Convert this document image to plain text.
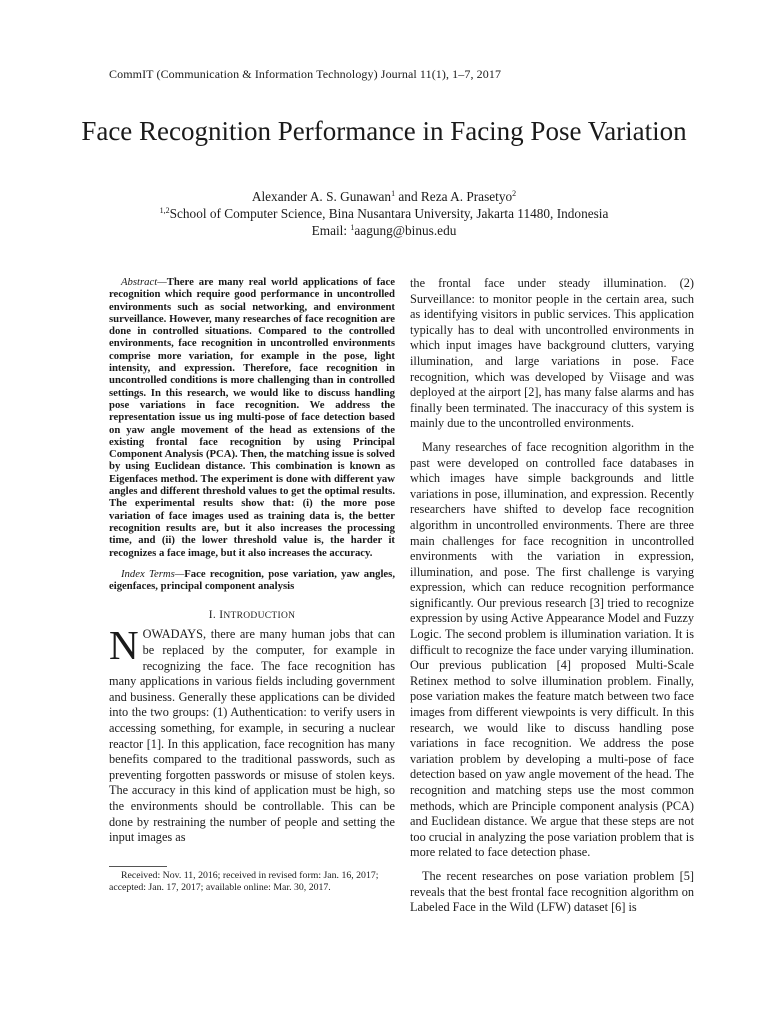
CommIT (Communication & Information Technology) Journal 11(1), 1–7, 2017
Face Recognition Performance in Facing Pose Variation
Alexander A. S. Gunawan$^1$ and Reza A. Prasetyo$^2$
$^{1,2}$School of Computer Science, Bina Nusantara University, Jakarta 11480, Indonesia
Email: $^1$aagung@binus.edu

Abstract—There are many real world applications of face recognition which require good performance in uncontrolled environments such as social networking, and environment surveillance. However, many researches of face recognition are done in controlled situations. Compared to the controlled environments, face recognition in uncontrolled environments comprise more variation, for example in the pose, light intensity, and expression. Therefore, face recognition in uncontrolled conditions is more challenging than in controlled settings. In this research, we would like to discuss handling pose variations in face recognition. We address the representation issue us ing multi-pose of face detection based on yaw angle movement of the head as extensions of the existing frontal face recognition by using Principal Component Analysis (PCA). Then, the matching issue is solved by using Euclidean distance. This combination is known as Eigenfaces method. The experiment is done with different yaw angles and different threshold values to get the optimal results. The experimental results show that: (i) the more pose variation of face images used as training data is, the better recognition results are, but it also increases the processing time, and (ii) the lower threshold value is, the harder it recognizes a face image, but it also increases the accuracy.

Index Terms—Face recognition, pose variation, yaw angles, eigenfaces, principal component analysis

I. INTRODUCTION

NOWADAYS, there are many human jobs that can be replaced by the computer, for example in recognizing the face. The face recognition has many applications in various fields including government and business. Generally these applications can be divided into the two groups: (1) Authentication: to verify users in accessing something, for example, in securing a nuclear reactor [1]. In this application, face recognition has many benefits compared to the traditional passwords, such as preventing forgotten passwords or misuse of stolen keys. The accuracy in this kind of application must be high, so the environments should be controllable. This can be done by restraining the number of people and setting the input images as

Received: Nov. 11, 2016; received in revised form: Jan. 16, 2017; accepted: Jan. 17, 2017; available online: Mar. 30, 2017.

the frontal face under steady illumination. (2) Surveillance: to monitor people in the certain area, such as identifying visitors in public services. This application typically has to deal with uncontrolled environments in which input images have background clutters, varying illumination, and large variations in pose. Face recognition, which was developed by Viisage and was deployed at the airport [2], has many false alarms and has finally been terminated. The inaccuracy of this system is mainly due to the uncontrolled environments.

Many researches of face recognition algorithm in the past were developed on controlled face databases in which images have simple backgrounds and little variations in pose, illumination, and expression. Recently researchers have shifted to develop face recognition algorithm in uncontrolled environments. There are three main challenges for face recognition in uncontrolled environments with the variation in expression, illumination, and pose. The first challenge is varying expression, which can reduce recognition performance significantly. Our previous research [3] tried to recognize expression by using Active Appearance Model and Fuzzy Logic. The second problem is illumination variation. It is difficult to recognize the face under varying illumination. Our previous publication [4] proposed Multi-Scale Retinex method to solve illumination problem. Finally, pose variation makes the feature match between two face images from different viewpoints is very difficult. In this research, we would like to discuss handling pose variations in face recognition. We address the pose variation problem by developing a multi-pose of face detection based on yaw angle movement of the head. The recognition and matching steps use the most common methods, which are Principle component analysis (PCA) and Euclidean distance. We argue that these steps are not too crucial in analyzing the pose variation problem that is more related to face detection phase.

The recent researches on pose variation problem [5] reveals that the best frontal face recognition algorithm on Labeled Face in the Wild (LFW) dataset [6] is
